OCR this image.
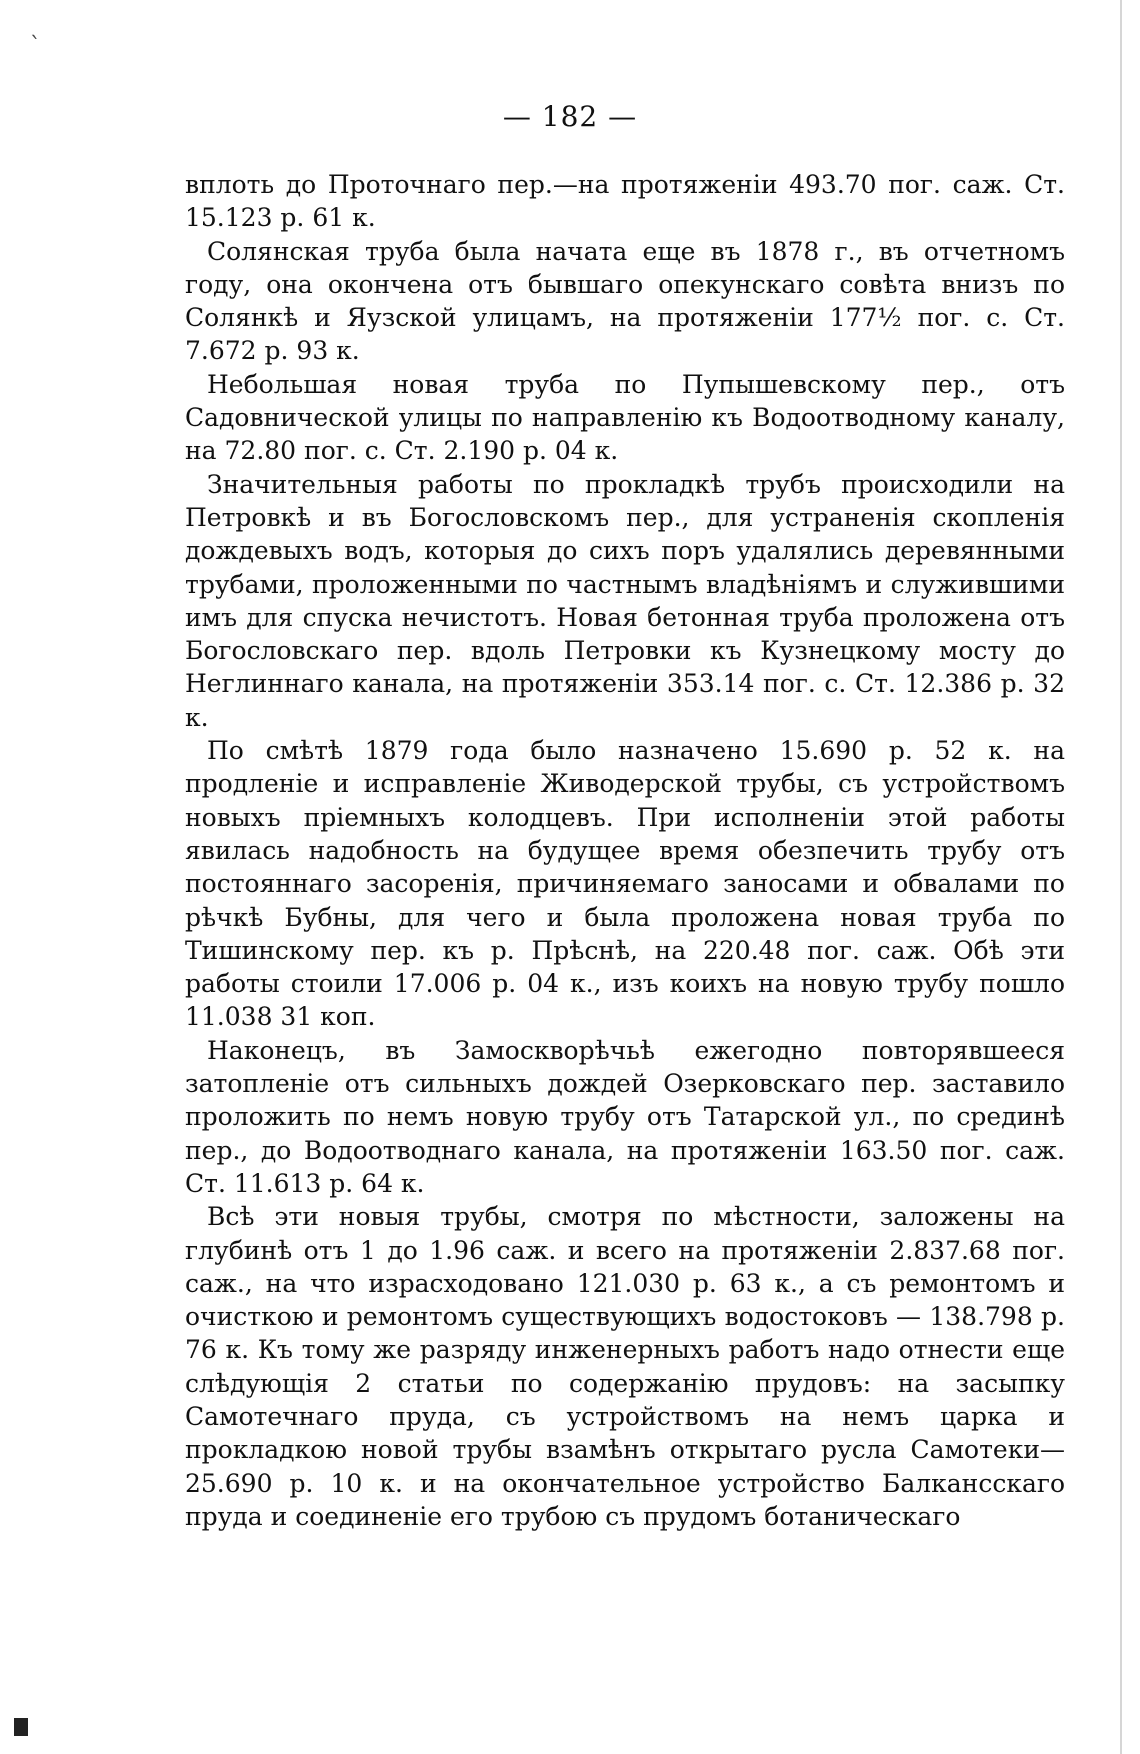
`
— 182 —

вплоть до Проточнаго пер.—на протяженіи 493.70 пог. саж. Ст. 15.123 р. 61 к.

Солянская труба была начата еще въ 1878 г., въ отчетномъ году, она окончена отъ бывшаго опекунскаго совѣта внизъ по Солянкѣ и Яузской улицамъ, на протяженіи 177½ пог. с. Ст. 7.672 р. 93 к.

Небольшая новая труба по Пупышевскому пер., отъ Садовнической улицы по направленію къ Водоотводному каналу, на 72.80 пог. с. Ст. 2.190 р. 04 к.

Значительныя работы по прокладкѣ трубъ происходили на Петровкѣ и въ Богословскомъ пер., для устраненія скопленія дождевыхъ водъ, которыя до сихъ поръ удалялись деревянными трубами, проложенными по частнымъ владѣніямъ и служившими имъ для спуска нечистотъ. Новая бетонная труба проложена отъ Богословскаго пер. вдоль Петровки къ Кузнецкому мосту до Неглиннаго канала, на протяженіи 353.14 пог. с. Ст. 12.386 р. 32 к.

По смѣтѣ 1879 года было назначено 15.690 р. 52 к. на продленіе и исправленіе Живодерской трубы, съ устройствомъ новыхъ пріемныхъ колодцевъ. При исполненіи этой работы явилась надобность на будущее время обезпечить трубу отъ постояннаго засоренія, причиняемаго заносами и обвалами по рѣчкѣ Бубны, для чего и была проложена новая труба по Тишинскому пер. къ р. Прѣснѣ, на 220.48 пог. саж. Обѣ эти работы стоили 17.006 р. 04 к., изъ коихъ на новую трубу пошло 11.038 31 коп.

Наконецъ, въ Замоскворѣчьѣ ежегодно повторявшееся затопленіе отъ сильныхъ дождей Озерковскаго пер. заставило проложить по немъ новую трубу отъ Татарской ул., по срединѣ пер., до Водоотводнаго канала, на протяженіи 163.50 пог. саж. Ст. 11.613 р. 64 к.

Всѣ эти новыя трубы, смотря по мѣстности, заложены на глубинѣ отъ 1 до 1.96 саж. и всего на протяженіи 2.837.68 пог. саж., на что израсходовано 121.030 р. 63 к., а съ ремонтомъ и очисткою и ремонтомъ существующихъ водостоковъ — 138.798 р. 76 к. Къ тому же разряду инженерныхъ работъ надо отнести еще слѣдующія 2 статьи по содержанію прудовъ: на засыпку Самотечнаго пруда, съ устройствомъ на немъ царка и прокладкою новой трубы взамѣнъ открытаго русла Самотеки—25.690 р. 10 к. и на окончательное устройство Балкансскаго пруда и соединеніе его трубою съ прудомъ ботаническаго
